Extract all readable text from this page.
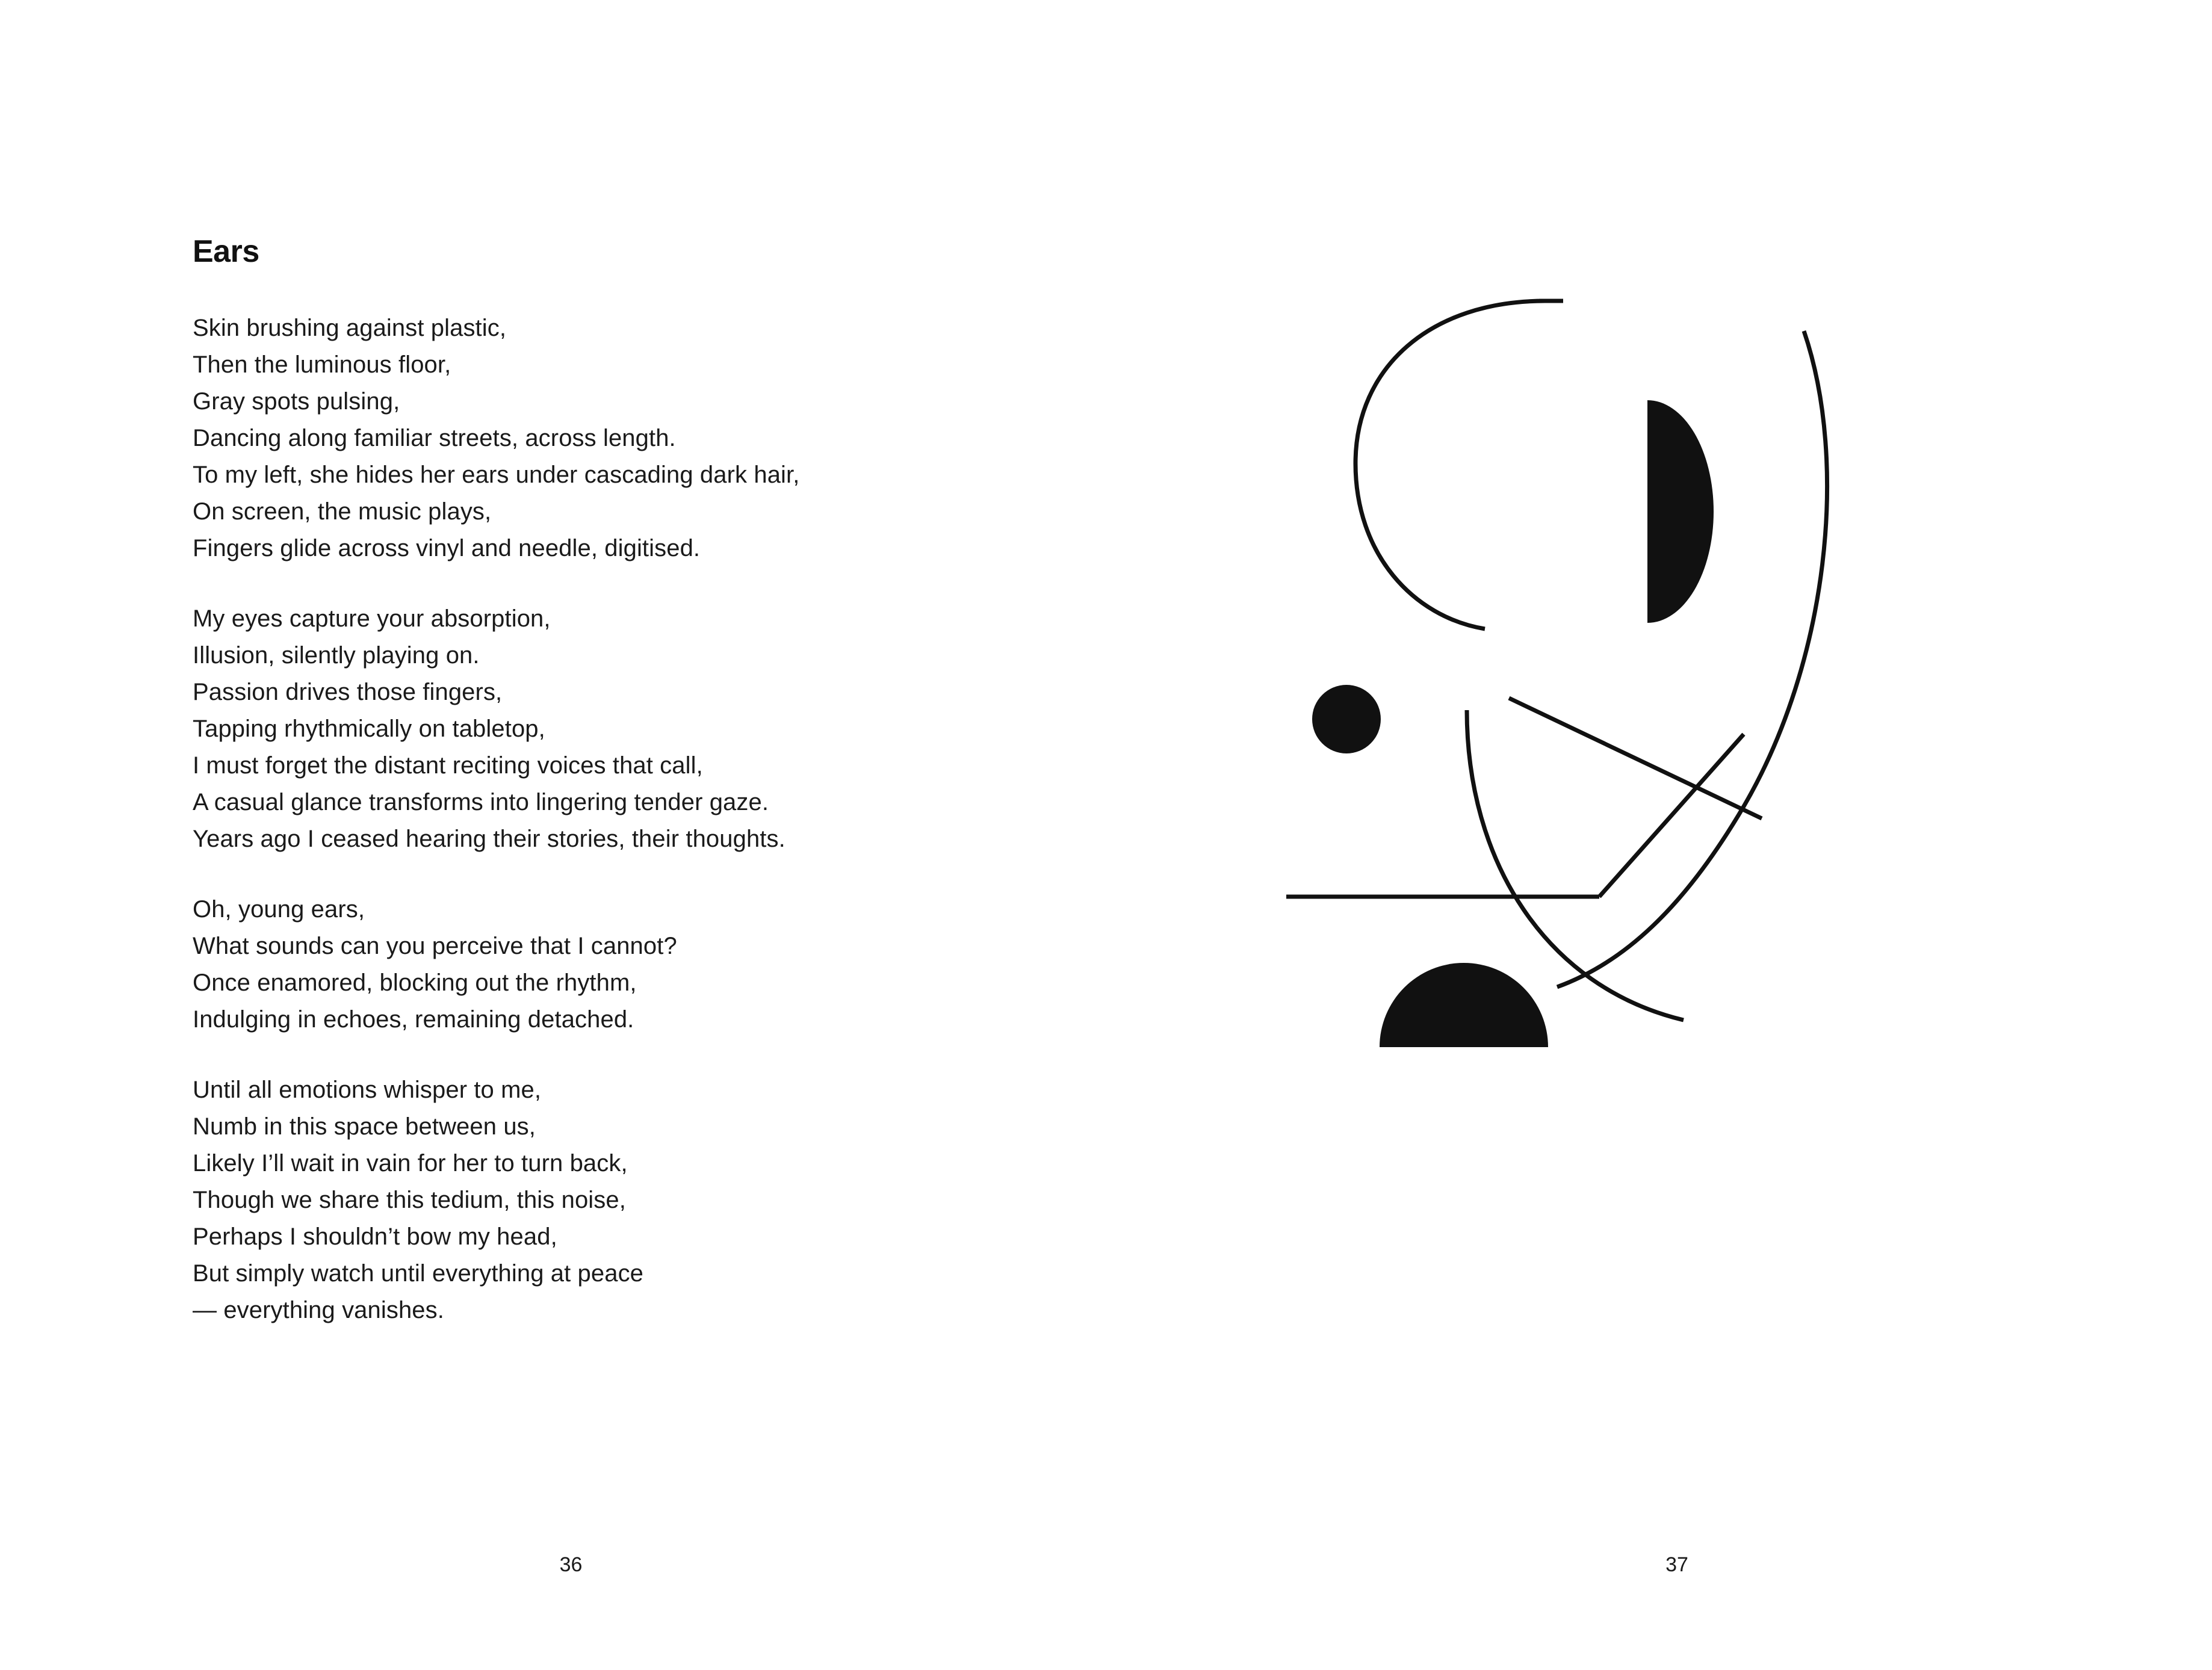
Ears
Skin brushing against plastic,
Then the luminous floor,
Gray spots pulsing,
Dancing along familiar streets, across length.
To my left, she hides her ears under cascading dark hair,
On screen, the music plays,
Fingers glide across vinyl and needle, digitised.
My eyes capture your absorption,
Illusion, silently playing on.
Passion drives those fingers,
Tapping rhythmically on tabletop,
I must forget the distant reciting voices that call,
A casual glance transforms into lingering tender gaze.
Years ago I ceased hearing their stories, their thoughts.
Oh, young ears,
What sounds can you perceive that I cannot?
Once enamored, blocking out the rhythm,
Indulging in echoes, remaining detached.
Until all emotions whisper to me,
Numb in this space between us,
Likely I’ll wait in vain for her to turn back,
Though we share this tedium, this noise,
Perhaps I shouldn’t bow my head,
But simply watch until everything at peace
— everything vanishes.
36	37
